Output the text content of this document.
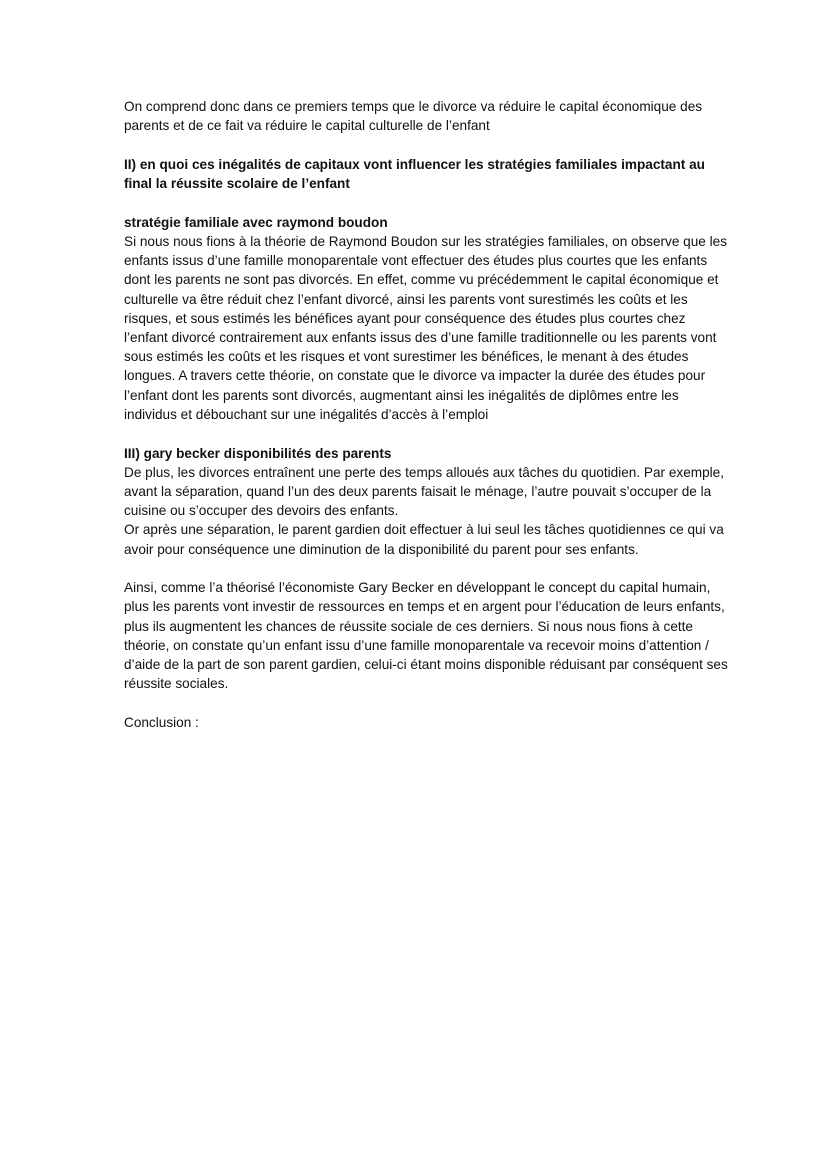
On comprend donc dans ce premiers temps que le divorce va réduire le capital économique des parents et de ce fait va réduire le capital culturelle de l’enfant

II) en quoi ces inégalités de capitaux vont influencer les stratégies familiales impactant au final la réussite scolaire de l’enfant

stratégie familiale avec raymond boudon

Si nous nous fions à la théorie de Raymond Boudon sur les stratégies familiales, on observe que les enfants issus d’une famille monoparentale vont effectuer des études plus courtes que les enfants dont les parents ne sont pas divorcés. En effet, comme vu précédemment le capital économique et culturelle va être réduit chez l’enfant divorcé, ainsi les parents vont surestimés les coûts et les risques, et sous estimés les bénéfices ayant pour conséquence des études plus courtes chez l’enfant divorcé contrairement aux enfants issus des d’une famille traditionnelle ou les parents vont sous estimés les coûts et les risques et vont surestimer les bénéfices, le menant à des études longues. A travers cette théorie, on constate que le divorce va impacter la durée des études pour l’enfant dont les parents sont divorcés, augmentant ainsi les inégalités de diplômes entre les individus et débouchant sur une inégalités d’accès à l’emploi

III) gary becker disponibilités des parents

De plus, les divorces entraînent une perte des temps alloués aux tâches du quotidien. Par exemple, avant la séparation, quand l’un des deux parents faisait le ménage, l’autre pouvait s’occuper de la cuisine ou s’occuper des devoirs des enfants.

Or après une séparation, le parent gardien doit effectuer à lui seul les tâches quotidiennes ce qui va avoir pour conséquence une diminution de la disponibilité du parent pour ses enfants.

Ainsi, comme l’a théorisé l’économiste Gary Becker en développant le concept du capital humain, plus les parents vont investir de ressources en temps et en argent pour l’éducation de leurs enfants, plus ils augmentent les chances de réussite sociale de ces derniers. Si nous nous fions à cette théorie, on constate qu’un enfant issu d’une famille monoparentale va recevoir moins d’attention / d’aide de la part de son parent gardien, celui-ci étant moins disponible réduisant par conséquent ses réussite sociales.

Conclusion :
